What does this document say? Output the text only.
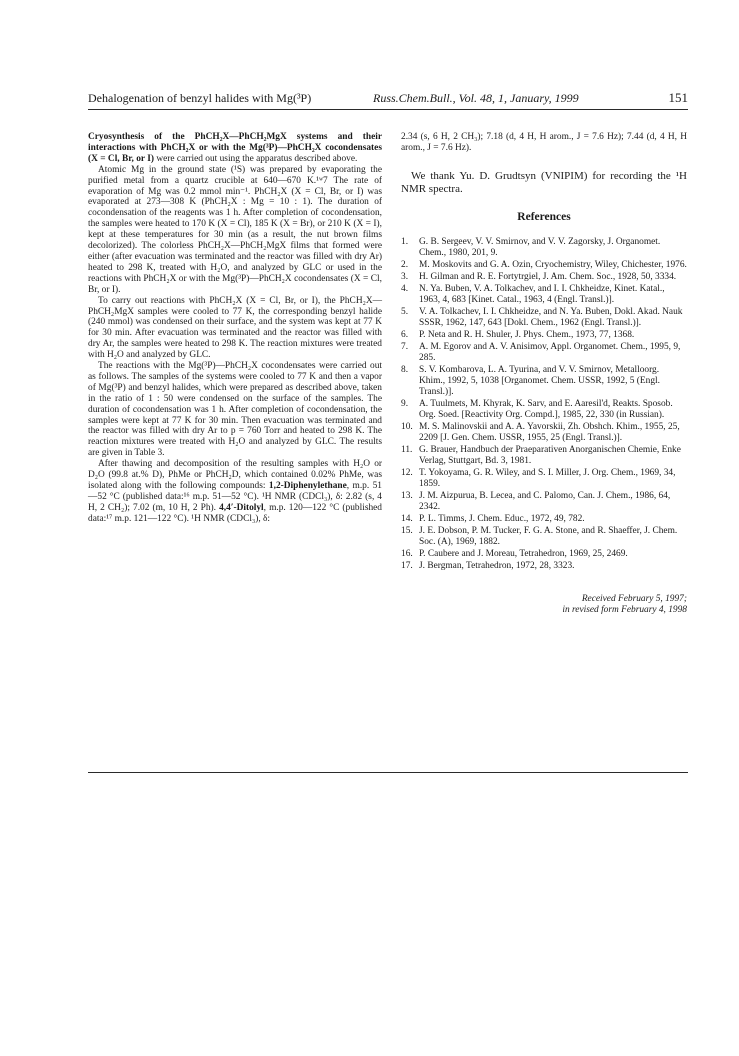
Dehalogenation of benzyl halides with Mg(³P)	Russ.Chem.Bull., Vol. 48, 1, January, 1999	151

Cryosynthesis of the PhCH₂X—PhCH₂MgX systems and their interactions with PhCH₂X or with the Mg(³P)—PhCH₂X cocondensates (X = Cl, Br, or I) were carried out using the apparatus described above.

Atomic Mg in the ground state (¹S) was prepared by evaporating the purified metal from a quartz crucible at 640—670 K.¹ʷ7 The rate of evaporation of Mg was 0.2 mmol min⁻¹. PhCH₂X (X = Cl, Br, or I) was evaporated at 273—308 K (PhCH₂X : Mg = 10 : 1). The duration of cocondensation of the reagents was 1 h. After completion of cocondensation, the samples were heated to 170 K (X = Cl), 185 K (X = Br), or 210 K (X = I), kept at these temperatures for 30 min (as a result, the nut brown films decolorized). The colorless PhCH₂X—PhCH₂MgX films that formed were either (after evacuation was terminated and the reactor was filled with dry Ar) heated to 298 K, treated with H₂O, and analyzed by GLC or used in the reactions with PhCH₂X or with the Mg(³P)—PhCH₂X cocondensates (X = Cl, Br, or I).

To carry out reactions with PhCH₂X (X = Cl, Br, or I), the PhCH₂X—PhCH₂MgX samples were cooled to 77 K, the corresponding benzyl halide (240 mmol) was condensed on their surface, and the system was kept at 77 K for 30 min. After evacuation was terminated and the reactor was filled with dry Ar, the samples were heated to 298 K. The reaction mixtures were treated with H₂O and analyzed by GLC.

The reactions with the Mg(³P)—PhCH₂X cocondensates were carried out as follows. The samples of the systems were cooled to 77 K and then a vapor of Mg(³P) and benzyl halides, which were prepared as described above, taken in the ratio of 1 : 50 were condensed on the surface of the samples. The duration of cocondensation was 1 h. After completion of cocondensation, the samples were kept at 77 K for 30 min. Then evacuation was terminated and the reactor was filled with dry Ar to p = 760 Torr and heated to 298 K. The reaction mixtures were treated with H₂O and analyzed by GLC. The results are given in Table 3.

After thawing and decomposition of the resulting samples with H₂O or D₂O (99.8 at.% D), PhMe or PhCH₂D, which contained 0.02% PhMe, was isolated along with the following compounds: 1,2-Diphenylethane, m.p. 51—52 °C (published data:¹⁶ m.p. 51—52 °C). ¹H NMR (CDCl₃), δ: 2.82 (s, 4 H, 2 CH₂); 7.02 (m, 10 H, 2 Ph). 4,4′-Ditolyl, m.p. 120—122 °C (published data:¹⁷ m.p. 121—122 °C). ¹H NMR (CDCl₃), δ:

2.34 (s, 6 H, 2 CH₃); 7.18 (d, 4 H, H arom., J = 7.6 Hz); 7.44 (d, 4 H, H arom., J = 7.6 Hz).

We thank Yu. D. Grudtsyn (VNIPIM) for recording the ¹H NMR spectra.

References
1.	G. B. Sergeev, V. V. Smirnov, and V. V. Zagorsky, J. Organomet. Chem., 1980, 201, 9.
2.	M. Moskovits and G. A. Ozin, Cryochemistry, Wiley, Chichester, 1976.
3.	H. Gilman and R. E. Fortytrgiel, J. Am. Chem. Soc., 1928, 50, 3334.
4.	N. Ya. Buben, V. A. Tolkachev, and I. I. Chkheidze, Kinet. Katal., 1963, 4, 683 [Kinet. Catal., 1963, 4 (Engl. Transl.)].
5.	V. A. Tolkachev, I. I. Chkheidze, and N. Ya. Buben, Dokl. Akad. Nauk SSSR, 1962, 147, 643 [Dokl. Chem., 1962 (Engl. Transl.)].
6.	P. Neta and R. H. Shuler, J. Phys. Chem., 1973, 77, 1368.
7.	A. M. Egorov and A. V. Anisimov, Appl. Organomet. Chem., 1995, 9, 285.
8.	S. V. Kombarova, L. A. Tyurina, and V. V. Smirnov, Metalloorg. Khim., 1992, 5, 1038 [Organomet. Chem. USSR, 1992, 5 (Engl. Transl.)].
9.	A. Tuulmets, M. Khyrak, K. Sarv, and E. Aaresil'd, Reakts. Sposob. Org. Soed. [Reactivity Org. Compd.], 1985, 22, 330 (in Russian).
10. M. S. Malinovskii and A. A. Yavorskii, Zh. Obshch. Khim., 1955, 25, 2209 [J. Gen. Chem. USSR, 1955, 25 (Engl. Transl.)].
11. G. Brauer, Handbuch der Praeparativen Anorganischen Chemie, Enke Verlag, Stuttgart, Bd. 3, 1981.
12. T. Yokoyama, G. R. Wiley, and S. I. Miller, J. Org. Chem., 1969, 34, 1859.
13. J. M. Aizpurua, B. Lecea, and C. Palomo, Can. J. Chem., 1986, 64, 2342.
14. P. L. Timms, J. Chem. Educ., 1972, 49, 782.
15. J. E. Dobson, P. M. Tucker, F. G. A. Stone, and R. Shaeffer, J. Chem. Soc. (A), 1969, 1882.
16. P. Caubere and J. Moreau, Tetrahedron, 1969, 25, 2469.
17. J. Bergman, Tetrahedron, 1972, 28, 3323.
Received February 5, 1997;
in revised form February 4, 1998
